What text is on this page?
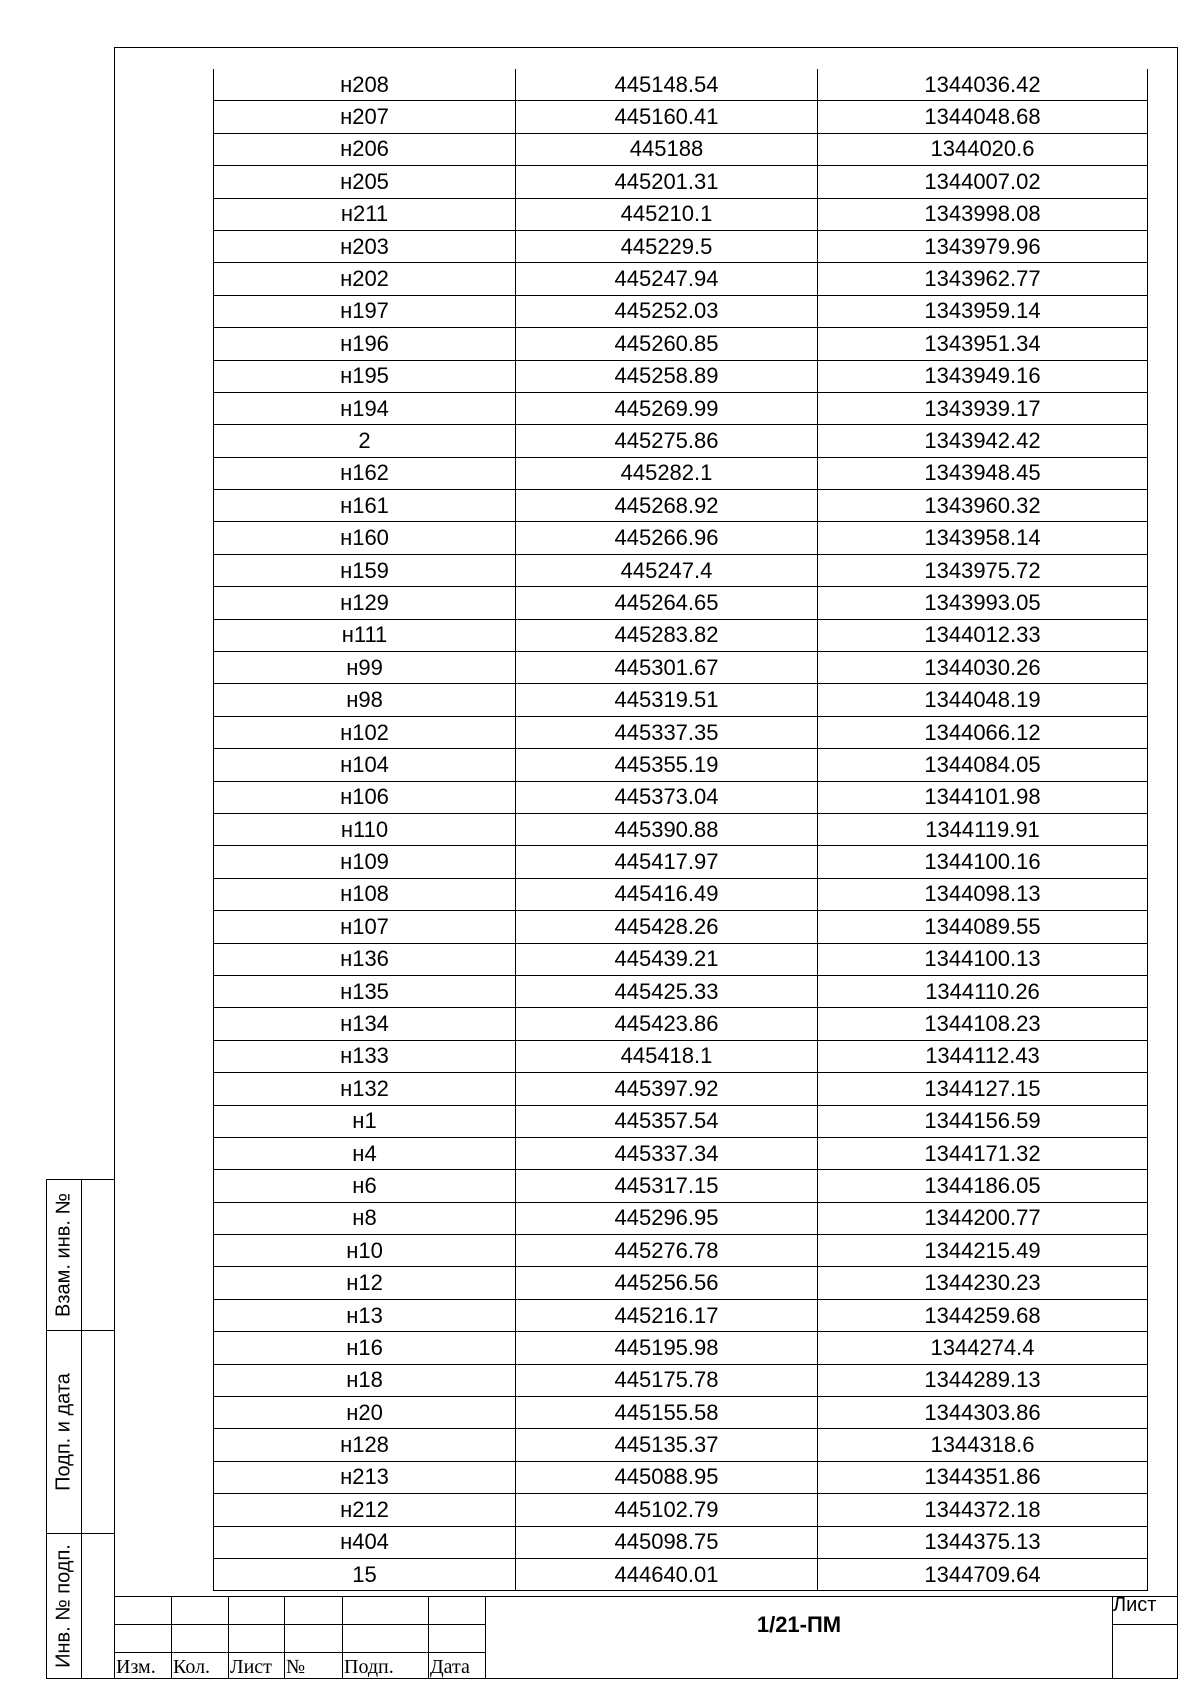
н208	445148.54	1344036.42
н207	445160.41	1344048.68
н206	445188	1344020.6
н205	445201.31	1344007.02
н211	445210.1	1343998.08
н203	445229.5	1343979.96
н202	445247.94	1343962.77
н197	445252.03	1343959.14
н196	445260.85	1343951.34
н195	445258.89	1343949.16
н194	445269.99	1343939.17
2	445275.86	1343942.42
н162	445282.1	1343948.45
н161	445268.92	1343960.32
н160	445266.96	1343958.14
н159	445247.4	1343975.72
н129	445264.65	1343993.05
н111	445283.82	1344012.33
н99	445301.67	1344030.26
н98	445319.51	1344048.19
н102	445337.35	1344066.12
н104	445355.19	1344084.05
н106	445373.04	1344101.98
н110	445390.88	1344119.91
н109	445417.97	1344100.16
н108	445416.49	1344098.13
н107	445428.26	1344089.55
н136	445439.21	1344100.13
н135	445425.33	1344110.26
н134	445423.86	1344108.23
н133	445418.1	1344112.43
н132	445397.92	1344127.15
н1	445357.54	1344156.59
н4	445337.34	1344171.32
н6	445317.15	1344186.05
н8	445296.95	1344200.77
н10	445276.78	1344215.49
н12	445256.56	1344230.23
н13	445216.17	1344259.68
н16	445195.98	1344274.4
н18	445175.78	1344289.13
н20	445155.58	1344303.86
н128	445135.37	1344318.6
н213	445088.95	1344351.86
н212	445102.79	1344372.18
н404	445098.75	1344375.13
15	444640.01	1344709.64
Взам. инв. №
Подп. и дата
Инв. № подп. Изм. Кол. Лист № Подп. Дата
1/21-ПМ
Лист
